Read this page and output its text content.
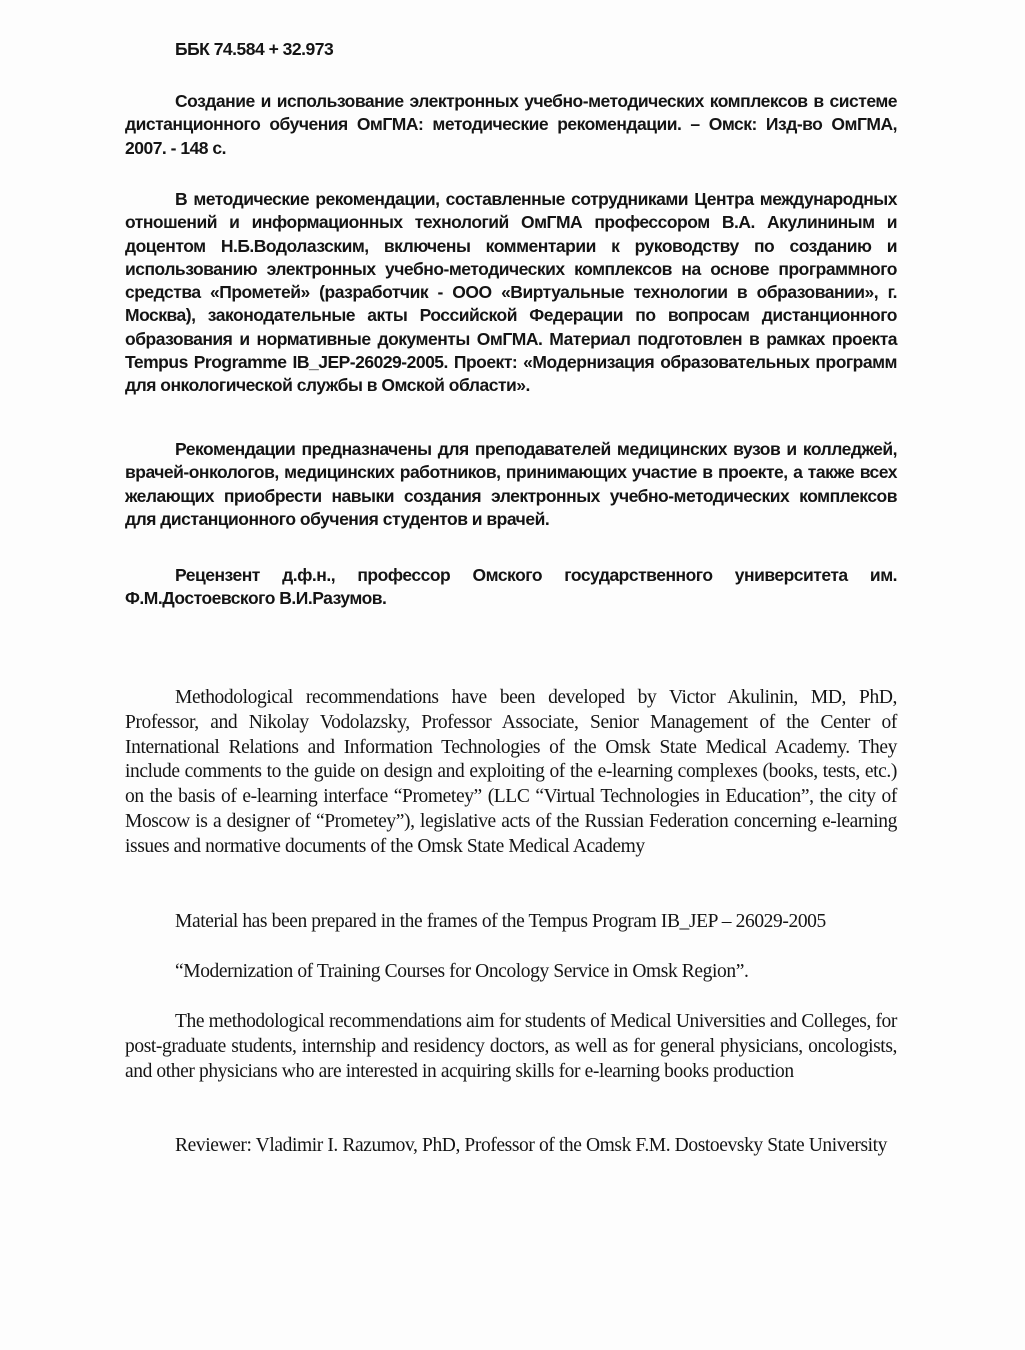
ББК 74.584 + 32.973

Создание и использование электронных учебно-методических комплексов в системе дистанционного обучения ОмГМА: методические рекомендации. – Омск: Изд-во ОмГМА, 2007. - 148 с.

В методические рекомендации, составленные сотрудниками Центра международных отношений и информационных технологий ОмГМА профессором В.А. Акулининым и доцентом Н.Б.Водолазским, включены комментарии к руководству по созданию и использованию электронных учебно-методических комплексов на основе программного средства «Прометей» (разработчик - ООО «Виртуальные технологии в образовании», г. Москва), законодательные акты Российской Федерации по вопросам дистанционного образования и нормативные документы ОмГМА. Материал подготовлен в рамках проекта Tempus Programme IB_JEP-26029-2005. Проект: «Модернизация образовательных программ для онкологической службы в Омской области».

Рекомендации предназначены для преподавателей медицинских вузов и колледжей, врачей-онкологов, медицинских работников, принимающих участие в проекте, а также всех желающих приобрести навыки создания электронных учебно-методических комплексов для дистанционного обучения студентов и врачей.

Рецензент д.ф.н., профессор Омского государственного университета им. Ф.М.Достоевского В.И.Разумов.

Methodological recommendations have been developed by Victor Akulinin, MD, PhD, Professor, and Nikolay Vodolazsky, Professor Associate, Senior Management of the Center of International Relations and Information Technologies of the Omsk State Medical Academy. They include comments to the guide on design and exploiting of the e-learning complexes (books, tests, etc.) on the basis of e-learning interface “Prometey” (LLC “Virtual Technologies in Education”, the city of Moscow is a designer of “Prometey”), legislative acts of the Russian Federation concerning e-learning issues and normative documents of the Omsk State Medical Academy

Material has been prepared in the frames of the Tempus Program IB_JEP – 26029-2005

“Modernization of Training Courses for Oncology Service in Omsk Region”.

The methodological recommendations aim for students of Medical Universities and Colleges, for post-graduate students, internship and residency doctors, as well as for general physicians, oncologists, and other physicians who are interested in acquiring skills for e-learning books production

Reviewer: Vladimir I. Razumov, PhD, Professor of the Omsk F.M. Dostoevsky State University
